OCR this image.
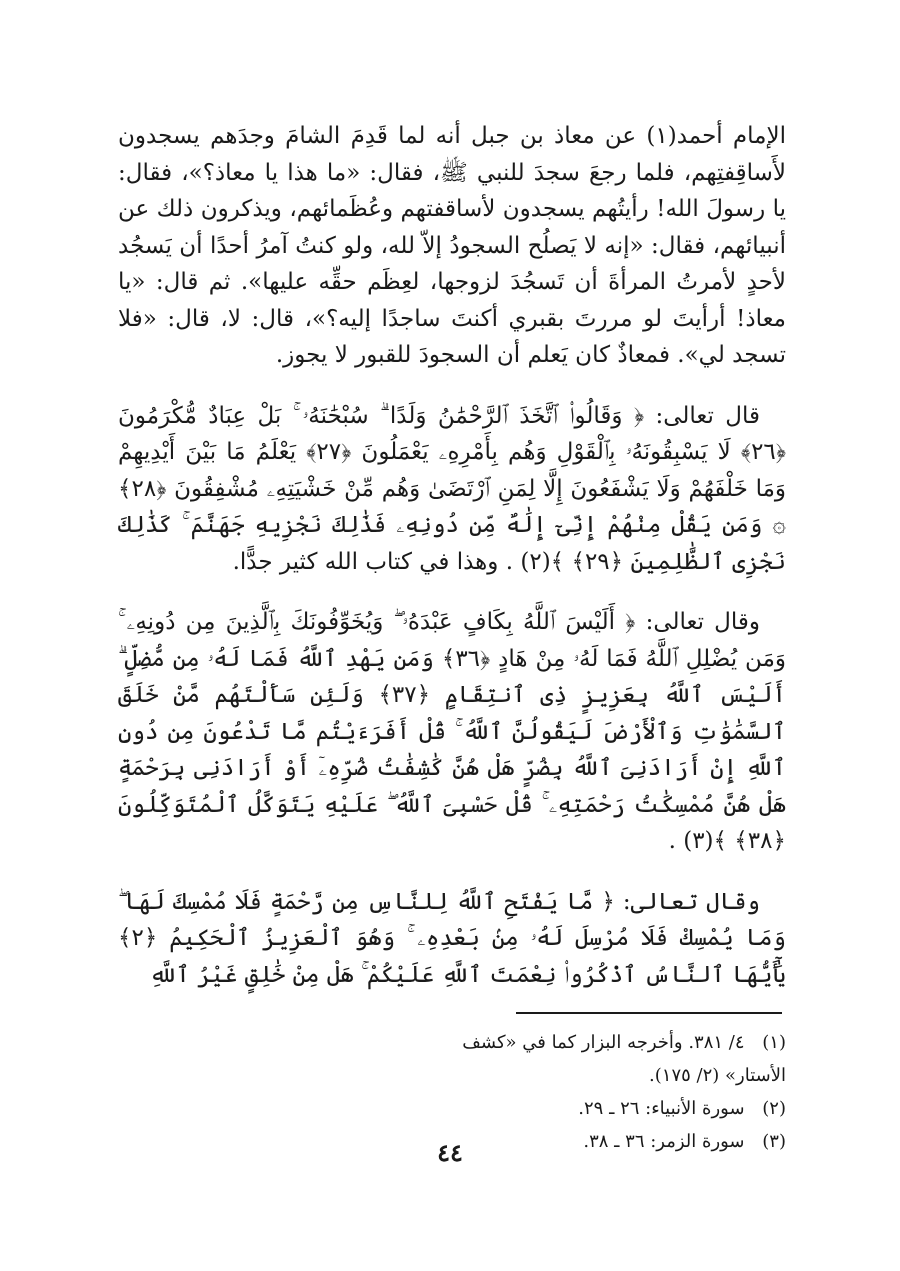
الإمام أحمد(١) عن معاذ بن جبل أنه لما قَدِمَ الشامَ وجدَهم يسجدون لأَساقِفتِهم، فلما رجعَ سجدَ للنبي ﷺ، فقال: «ما هذا يا معاذ؟»، فقال: يا رسولَ الله! رأيتُهم يسجدون لأساقفتهم وعُظَمائهم، ويذكرون ذلك عن أنبيائهم، فقال: «إنه لا يَصلُح السجودُ إلاّ لله، ولو كنتُ آمرُ أحدًا أن يَسجُد لأحدٍ لأمرتُ المرأةَ أن تَسجُدَ لزوجها، لعِظَم حقِّه عليها». ثم قال: «يا معاذ! أرأيتَ لو مررتَ بقبري أكنتَ ساجدًا إليه؟»، قال: لا، قال: «فلا تسجد لي». فمعاذٌ كان يَعلم أن السجودَ للقبور لا يجوز.

قال تعالى: ﴿ وَقَالُوا۟ ٱتَّخَذَ ٱلرَّحْمَٰنُ وَلَدًا ۗ سُبْحَٰنَهُۥ ۚ بَلْ عِبَادٌ مُّكْرَمُونَ ﴿٢٦﴾ لَا يَسْبِقُونَهُۥ بِٱلْقَوْلِ وَهُم بِأَمْرِهِۦ يَعْمَلُونَ ﴿٢٧﴾ يَعْلَمُ مَا بَيْنَ أَيْدِيهِمْ وَمَا خَلْفَهُمْ وَلَا يَشْفَعُونَ إِلَّا لِمَنِ ٱرْتَضَىٰ وَهُم مِّنْ خَشْيَتِهِۦ مُشْفِقُونَ ﴿٢٨﴾ ۞ وَمَن يَقُلْ مِنْهُمْ إِنِّىٓ إِلَٰهٌ مِّن دُونِهِۦ فَذَٰلِكَ نَجْزِيهِ جَهَنَّمَ ۚ كَذَٰلِكَ نَجْزِى ٱلظَّٰلِمِينَ ﴿٢٩﴾ ﴾(٢) . وهذا في كتاب الله كثير جدًّا.

وقال تعالى: ﴿ أَلَيْسَ ٱللَّهُ بِكَافٍ عَبْدَهُۥ ۖ وَيُخَوِّفُونَكَ بِٱلَّذِينَ مِن دُونِهِۦ ۚ وَمَن يُضْلِلِ ٱللَّهُ فَمَا لَهُۥ مِنْ هَادٍ ﴿٣٦﴾ وَمَن يَهْدِ ٱللَّهُ فَمَا لَهُۥ مِن مُّضِلٍّ ۗ أَلَيْسَ ٱللَّهُ بِعَزِيزٍ ذِى ٱنتِقَامٍ ﴿٣٧﴾ وَلَئِن سَأَلْتَهُم مَّنْ خَلَقَ ٱلسَّمَٰوَٰتِ وَٱلْأَرْضَ لَيَقُولُنَّ ٱللَّهُ ۚ قُلْ أَفَرَءَيْتُم مَّا تَدْعُونَ مِن دُونِ ٱللَّهِ إِنْ أَرَادَنِىَ ٱللَّهُ بِضُرٍّ هَلْ هُنَّ كَٰشِفَٰتُ ضُرِّهِۦٓ أَوْ أَرَادَنِى بِرَحْمَةٍ هَلْ هُنَّ مُمْسِكَٰتُ رَحْمَتِهِۦ ۚ قُلْ حَسْبِىَ ٱللَّهُ ۖ عَلَيْهِ يَتَوَكَّلُ ٱلْمُتَوَكِّلُونَ ﴿٣٨﴾ ﴾(٣) .

وقال تعالى: ﴿ مَّا يَفْتَحِ ٱللَّهُ لِلنَّاسِ مِن رَّحْمَةٍ فَلَا مُمْسِكَ لَهَا ۖ وَمَا يُمْسِكْ فَلَا مُرْسِلَ لَهُۥ مِنۢ بَعْدِهِۦ ۚ وَهُوَ ٱلْعَزِيزُ ٱلْحَكِيمُ ﴿٢﴾ يَٰٓأَيُّهَا ٱلنَّاسُ ٱذْكُرُوا۟ نِعْمَتَ ٱللَّهِ عَلَيْكُمْ ۚ هَلْ مِنْ خَٰلِقٍ غَيْرُ ٱللَّهِ

(١) ٤/ ٣٨١. وأخرجه البزار كما في «كشف الأستار» (٢/ ١٧٥).
(٢) سورة الأنبياء: ٢٦ ـ ٢٩.
(٣) سورة الزمر: ٣٦ ـ ٣٨.
٤٤
